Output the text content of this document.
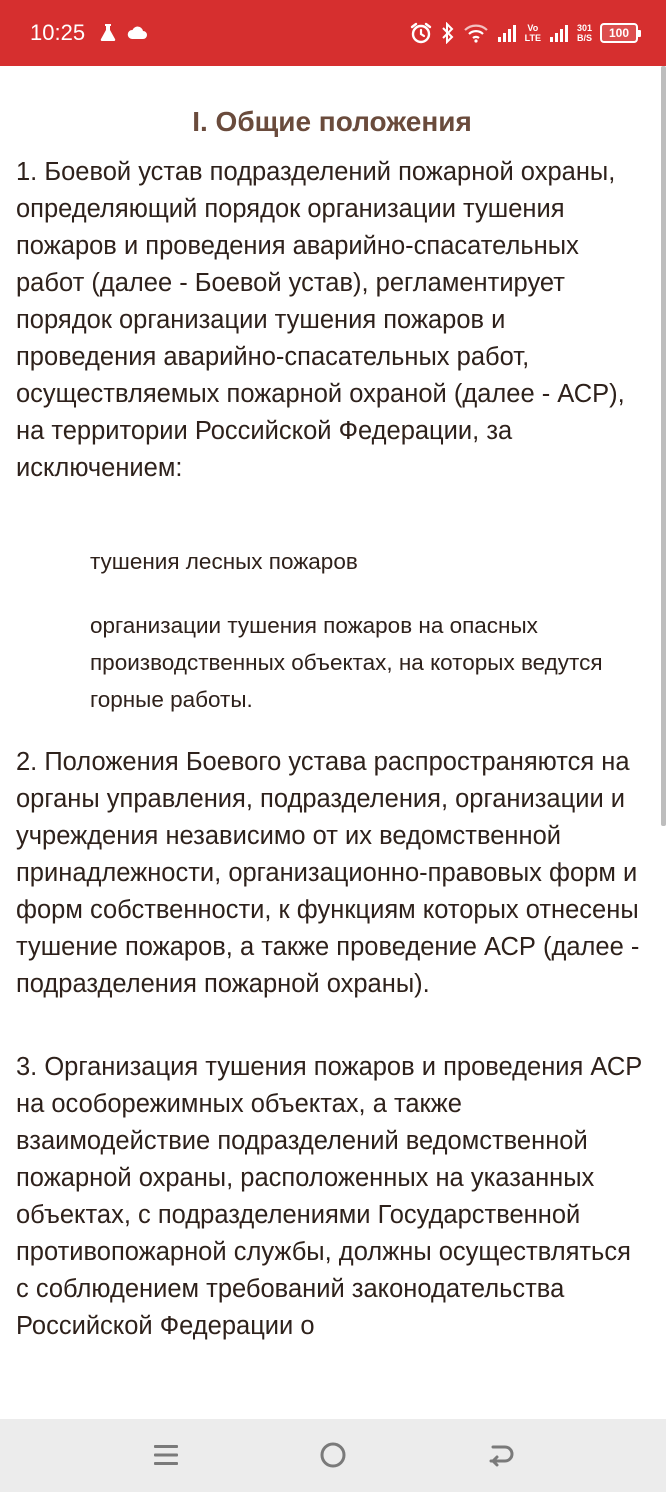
10:25	Vo
LTE
301
B/S	100
I. Общие положения

1. Боевой устав подразделений пожарной охраны, определяющий порядок организации тушения пожаров и проведения аварийно-спасательных работ (далее - Боевой устав), регламентирует порядок организации тушения пожаров и проведения аварийно-спасательных работ, осуществляемых пожарной охраной (далее - АСР), на территории Российской Федерации, за исключением:

тушения лесных пожаров

организации тушения пожаров на опасных производственных объектах, на которых ведутся горные работы.

2. Положения Боевого устава распространяются на органы управления, подразделения, организации и учреждения независимо от их ведомственной принадлежности, организационно-правовых форм и форм собственности, к функциям которых отнесены тушение пожаров, а также проведение АСР (далее - подразделения пожарной охраны).

3. Организация тушения пожаров и проведения АСР на особорежимных объектах, а также взаимодействие подразделений ведомственной пожарной охраны, расположенных на указанных объектах, с подразделениями Государственной противопожарной службы, должны осуществляться с соблюдением требований законодательства Российской Федерации о
